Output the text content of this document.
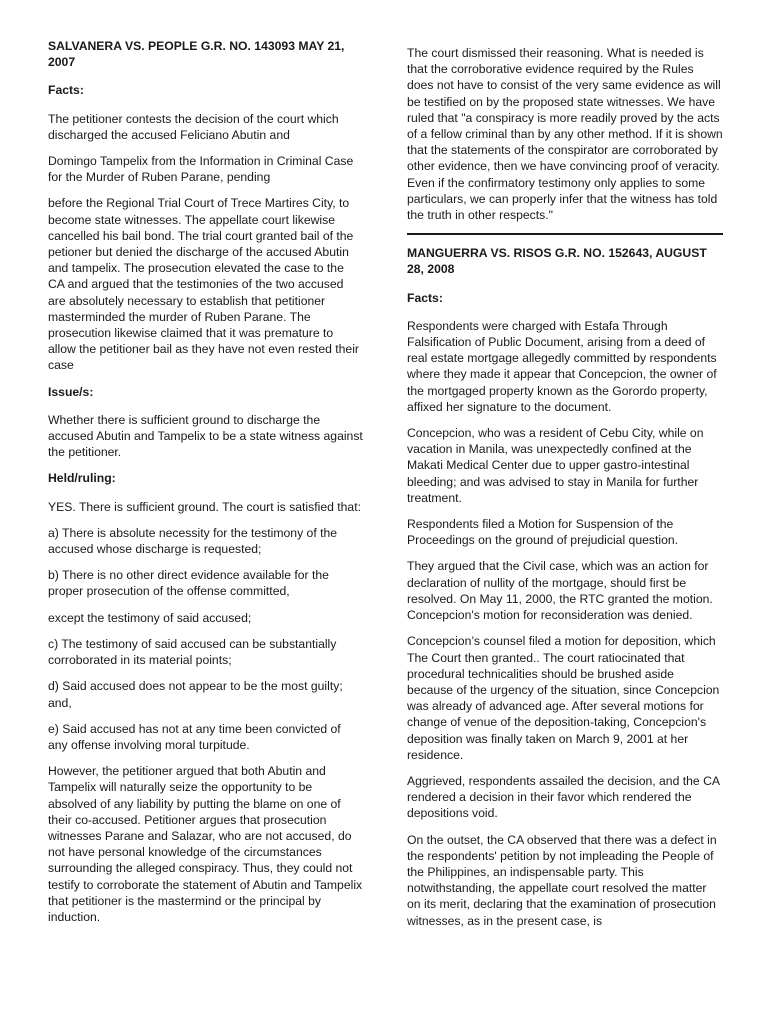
SALVANERA VS. PEOPLE G.R. NO. 143093 MAY 21, 2007

Facts:

The petitioner contests the decision of the court which discharged the accused Feliciano Abutin and

Domingo Tampelix from the Information in Criminal Case for the Murder of Ruben Parane, pending

before the Regional Trial Court of Trece Martires City, to become state witnesses. The appellate court likewise cancelled his bail bond. The trial court granted bail of the petioner but denied the discharge of the accused Abutin and tampelix. The prosecution elevated the case to the CA and argued that the testimonies of the two accused are absolutely necessary to establish that petitioner masterminded the murder of Ruben Parane. The prosecution likewise claimed that it was premature to allow the petitioner bail as they have not even rested their case

Issue/s:

Whether there is sufficient ground to discharge the accused Abutin and Tampelix to be a state witness against the petitioner.

Held/ruling:

YES. There is sufficient ground. The court is satisfied that:

a) There is absolute necessity for the testimony of the accused whose discharge is requested;

b) There is no other direct evidence available for the proper prosecution of the offense committed,

except the testimony of said accused;

c) The testimony of said accused can be substantially corroborated in its material points;

d) Said accused does not appear to be the most guilty; and,

e) Said accused has not at any time been convicted of any offense involving moral turpitude.

However, the petitioner argued that both Abutin and Tampelix will naturally seize the opportunity to be absolved of any liability by putting the blame on one of their co-accused. Petitioner argues that prosecution witnesses Parane and Salazar, who are not accused, do not have personal knowledge of the circumstances surrounding the alleged conspiracy. Thus, they could not testify to corroborate the statement of Abutin and Tampelix that petitioner is the mastermind or the principal by induction.

The court dismissed their reasoning. What is needed is that the corroborative evidence required by the Rules does not have to consist of the very same evidence as will be testified on by the proposed state witnesses. We have ruled that "a conspiracy is more readily proved by the acts of a fellow criminal than by any other method. If it is shown that the statements of the conspirator are corroborated by other evidence, then we have convincing proof of veracity. Even if the confirmatory testimony only applies to some particulars, we can properly infer that the witness has told the truth in other respects."

MANGUERRA VS. RISOS G.R. NO. 152643, AUGUST 28, 2008

Facts:

Respondents were charged with Estafa Through Falsification of Public Document, arising from a deed of real estate mortgage allegedly committed by respondents where they made it appear that Concepcion, the owner of the mortgaged property known as the Gorordo property, affixed her signature to the document.

Concepcion, who was a resident of Cebu City, while on vacation in Manila, was unexpectedly confined at the Makati Medical Center due to upper gastro-intestinal bleeding; and was advised to stay in Manila for further treatment.

Respondents filed a Motion for Suspension of the Proceedings on the ground of prejudicial question.

They argued that the Civil case, which was an action for declaration of nullity of the mortgage, should first be resolved. On May 11, 2000, the RTC granted the motion. Concepcion's motion for reconsideration was denied.

Concepcion’s counsel filed a motion for deposition, which The Court then granted.. The court ratiocinated that procedural technicalities should be brushed aside because of the urgency of the situation, since Concepcion was already of advanced age. After several motions for change of venue of the deposition-taking, Concepcion's deposition was finally taken on March 9, 2001 at her residence.

Aggrieved, respondents assailed the decision, and the CA rendered a decision in their favor which rendered the depositions void.

On the outset, the CA observed that there was a defect in the respondents' petition by not impleading the People of the Philippines, an indispensable party. This notwithstanding, the appellate court resolved the matter on its merit, declaring that the examination of prosecution witnesses, as in the present case, is
